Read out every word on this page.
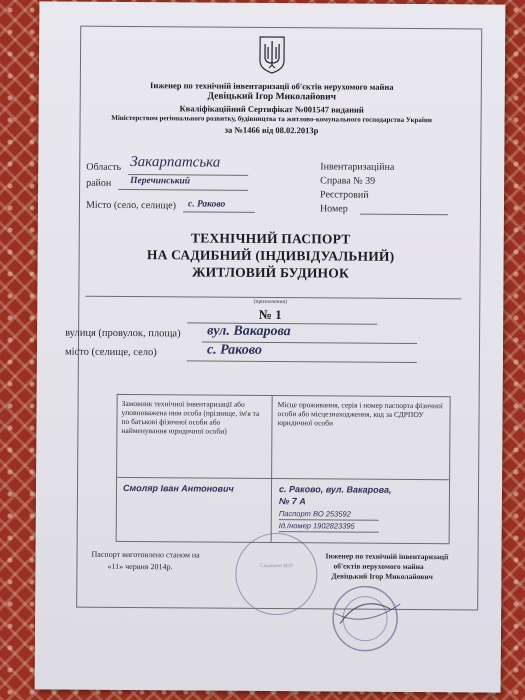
Інженер по технічній інвентаризації об'єктів нерухомого майна
Девіцький Ігор Миколайович
Кваліфікаційний Сертифікат №001547 виданий
Міністерством регіонального розвитку, будівництва та житлово-комунального господарства України
за №1466 від 08.02.2013р
Область Закарпатська
район Перечинський
Місто (село, селище) с. Раково
Інвентаризаційна
Справа № 39
Реєстровий
Номер
ТЕХНІЧНИЙ ПАСПОРТ
НА САДИБНИЙ (ІНДИВІДУАЛЬНИЙ)
ЖИТЛОВИЙ БУДИНОК
(призначення)
№ 1
вулиця (провулок, площа) вул. Вакарова
місто (селище, село)	с. Раково
Замовник технічної інвентаризації або уповноважена ним особа (прізвище, ім'я та по батькові фізичної особи або найменування юридичної особи)
Місце проживання, серія і номер паспорта фізичної особи або місцезнаходження, код за СДРПОУ юридичної особи
Смоляр Іван Антонович	с. Раково, вул. Вакарова,
№ 7 А
Паспорт ВО 253592
Ід./номер 1902823395
Паспорт виготовлено станом на
«11» червня 2014р.	Свідоцтво М/П
Інженер по технічній інвентаризації
об'єктів нерухомого майна
Девіцький Ігор Миколайович
